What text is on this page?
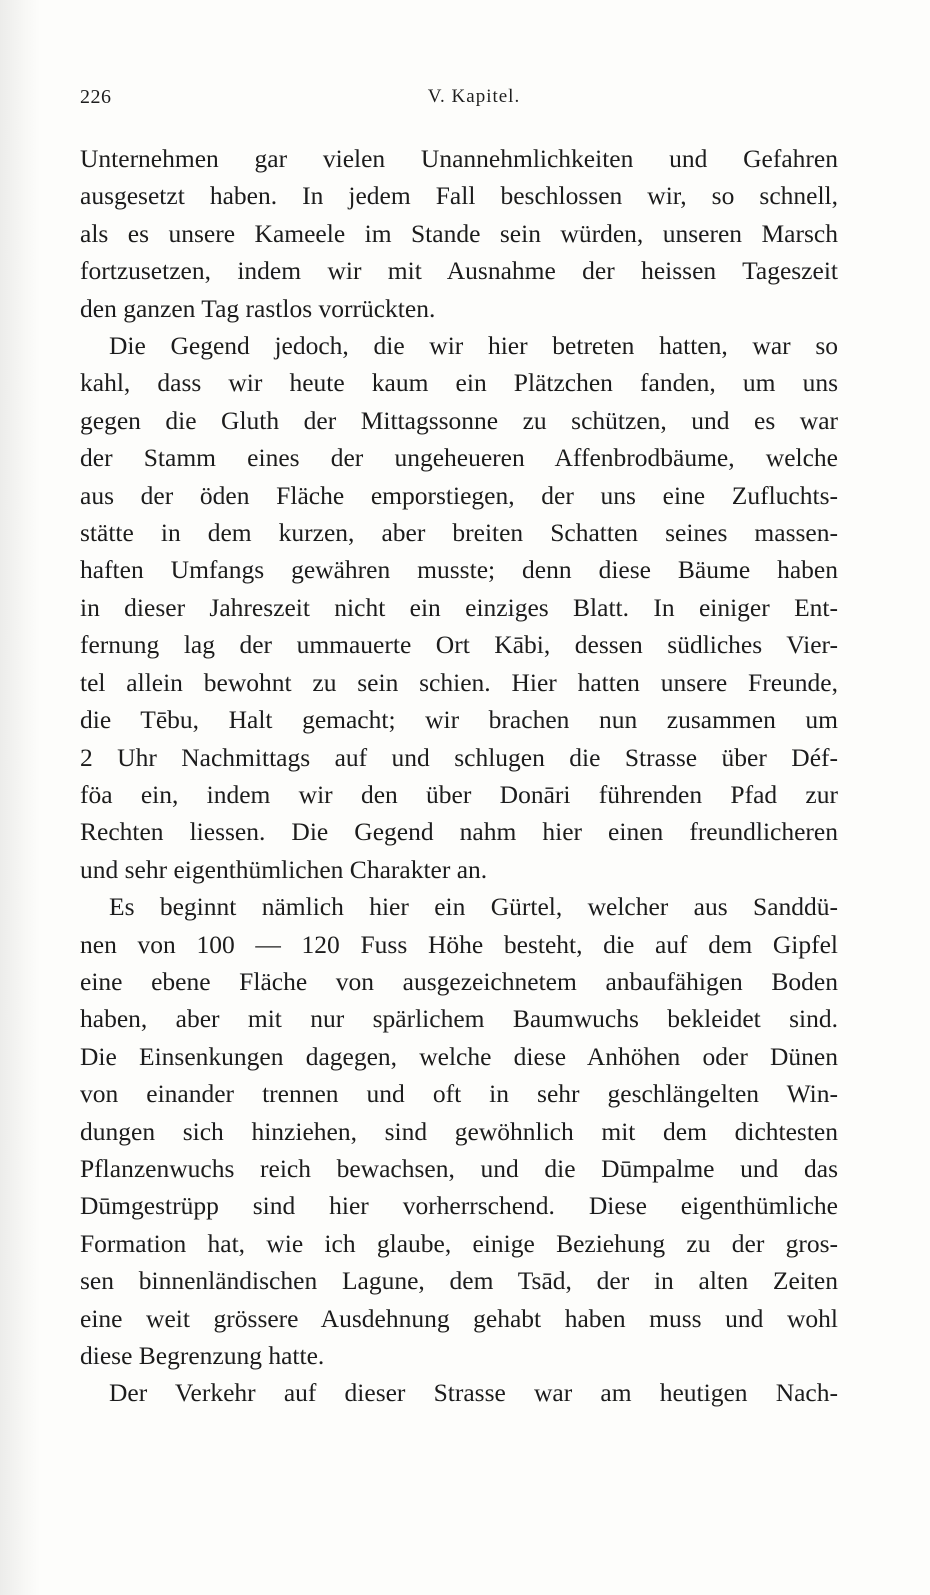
226	V. Kapitel.

Unternehmen gar vielen Unannehmlichkeiten und Gefahren
ausgesetzt haben. In jedem Fall beschlossen wir, so schnell,
als es unsere Kameele im Stande sein würden, unseren Marsch
fortzusetzen, indem wir mit Ausnahme der heissen Tageszeit
den ganzen Tag rastlos vorrückten.

Die Gegend jedoch, die wir hier betreten hatten, war so
kahl, dass wir heute kaum ein Plätzchen fanden, um uns
gegen die Gluth der Mittagssonne zu schützen, und es war
der Stamm eines der ungeheueren Affenbrodbäume, welche
aus der öden Fläche emporstiegen, der uns eine Zufluchts-
stätte in dem kurzen, aber breiten Schatten seines massen-
haften Umfangs gewähren musste; denn diese Bäume haben
in dieser Jahreszeit nicht ein einziges Blatt. In einiger Ent-
fernung lag der ummauerte Ort Kābi, dessen südliches Vier-
tel allein bewohnt zu sein schien. Hier hatten unsere Freunde,
die Tēbu, Halt gemacht; wir brachen nun zusammen um
2 Uhr Nachmittags auf und schlugen die Strasse über Déf-
föa ein, indem wir den über Donāri führenden Pfad zur
Rechten liessen. Die Gegend nahm hier einen freundlicheren
und sehr eigenthümlichen Charakter an.

Es beginnt nämlich hier ein Gürtel, welcher aus Sanddü-
nen von 100 — 120 Fuss Höhe besteht, die auf dem Gipfel
eine ebene Fläche von ausgezeichnetem anbaufähigen Boden
haben, aber mit nur spärlichem Baumwuchs bekleidet sind.
Die Einsenkungen dagegen, welche diese Anhöhen oder Dünen
von einander trennen und oft in sehr geschlängelten Win-
dungen sich hinziehen, sind gewöhnlich mit dem dichtesten
Pflanzenwuchs reich bewachsen, und die Dūmpalme und das
Dūmgestrüpp sind hier vorherrschend. Diese eigenthümliche
Formation hat, wie ich glaube, einige Beziehung zu der gros-
sen binnenländischen Lagune, dem Tsād, der in alten Zeiten
eine weit grössere Ausdehnung gehabt haben muss und wohl
diese Begrenzung hatte.

Der Verkehr auf dieser Strasse war am heutigen Nach-
